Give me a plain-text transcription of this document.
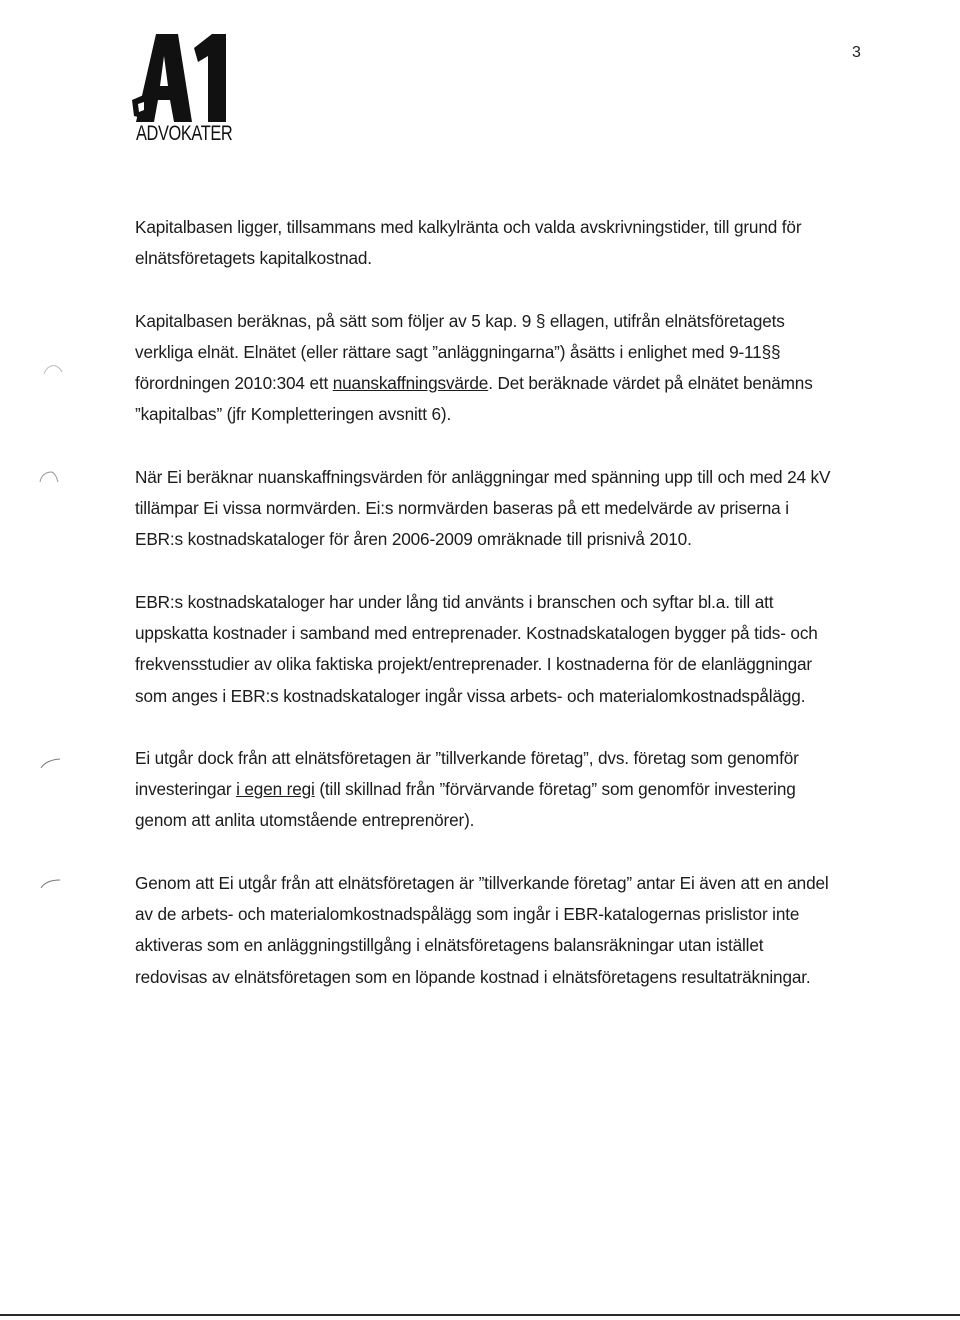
3
ADVOKATER

Kapitalbasen ligger, tillsammans med kalkylränta och valda avskrivningstider, till grund för elnätsföretagets kapitalkostnad.

Kapitalbasen beräknas, på sätt som följer av 5 kap. 9 § ellagen, utifrån elnätsföretagets verkliga elnät. Elnätet (eller rättare sagt ”anläggningarna”) åsätts i enlighet med 9-11§§ förordningen 2010:304 ett nuanskaffningsvärde. Det beräknade värdet på elnätet benämns ”kapitalbas” (jfr Kompletteringen avsnitt 6).

När Ei beräknar nuanskaffningsvärden för anläggningar med spänning upp till och med 24 kV tillämpar Ei vissa normvärden. Ei:s normvärden baseras på ett medelvärde av priserna i EBR:s kostnadskataloger för åren 2006-2009 omräknade till prisnivå 2010.

EBR:s kostnadskataloger har under lång tid använts i branschen och syftar bl.a. till att uppskatta kostnader i samband med entreprenader. Kostnadskatalogen bygger på tids- och frekvensstudier av olika faktiska projekt/entreprenader. I kostnaderna för de elanläggningar som anges i EBR:s kostnadskataloger ingår vissa arbets- och materialomkostnadspålägg.

Ei utgår dock från att elnätsföretagen är ”tillverkande företag”, dvs. företag som genomför investeringar i egen regi (till skillnad från ”förvärvande företag” som genomför investering genom att anlita utomstående entreprenörer).

Genom att Ei utgår från att elnätsföretagen är ”tillverkande företag” antar Ei även att en andel av de arbets- och materialomkostnadspålägg som ingår i EBR-katalogernas prislistor inte aktiveras som en anläggningstillgång i elnätsföretagens balansräkningar utan istället redovisas av elnätsföretagen som en löpande kostnad i elnätsföretagens resultaträkningar.
